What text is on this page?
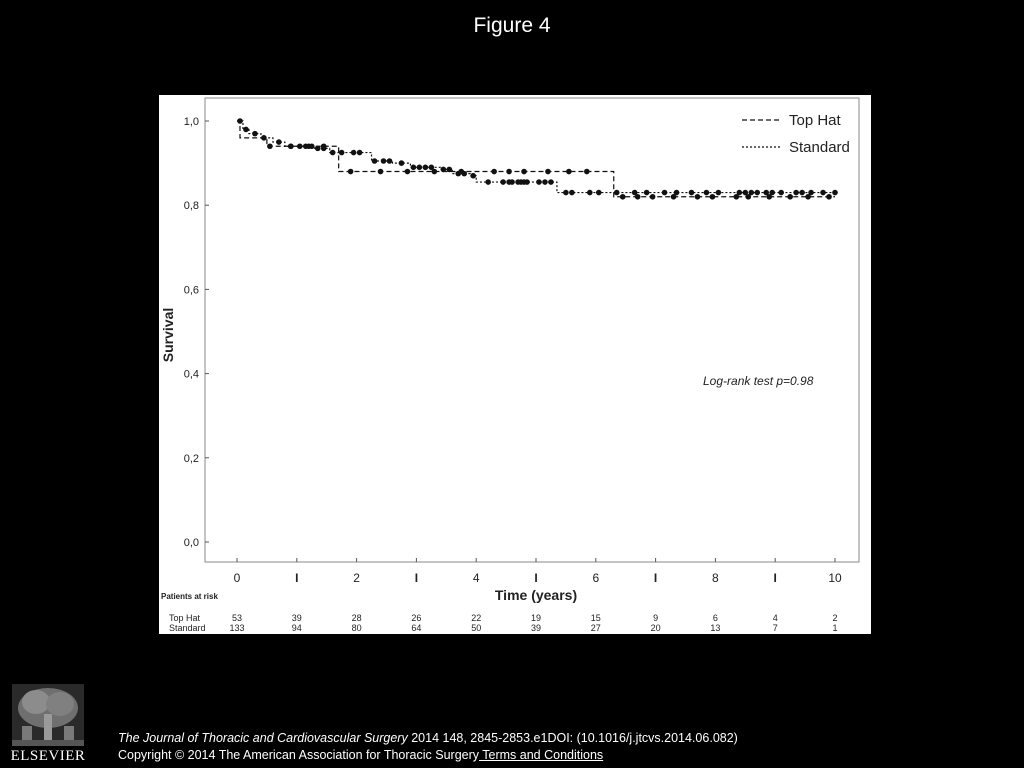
Figure 4
0,0
0,2
0,4
0,6
0,8
1,0
Survival
0	I	2	I	4	I	6	I	8	I	10
Time (years)
Top Hat
Standard
Log-rank test p=0.98
Patients at risk
Top Hat	53	39	28	26	22	19	15	9	6	4	2
Standard	133	94	80	64	50	39	27	20	13	7	1
ELSEVIER
The Journal of Thoracic and Cardiovascular Surgery 2014 148, 2845-2853.e1DOI: (10.1016/j.jtcvs.2014.06.082)
Copyright © 2014 The American Association for Thoracic Surgery Terms and Conditions
